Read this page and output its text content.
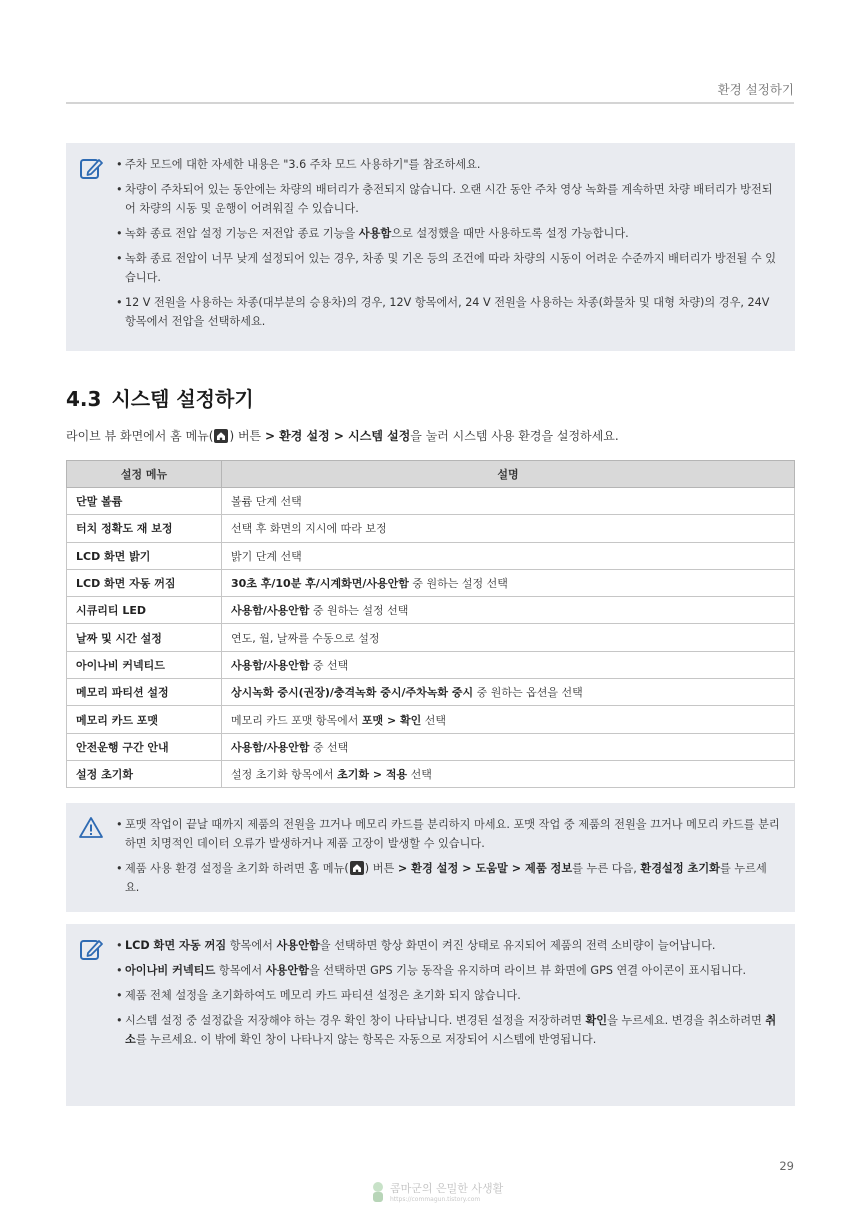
환경 설정하기
• 주차 모드에 대한 자세한 내용은 "3.6 주차 모드 사용하기"를 참조하세요.
• 차량이 주차되어 있는 동안에는 차량의 배터리가 충전되지 않습니다. 오랜 시간 동안 주차 영상 녹화를 계속하면 차량 배터리가 방전되어 차량의 시동 및 운행이 어려워질 수 있습니다.
• 녹화 종료 전압 설정 기능은 저전압 종료 기능을 사용함으로 설정했을 때만 사용하도록 설정 가능합니다.
• 녹화 종료 전압이 너무 낮게 설정되어 있는 경우, 차종 및 기온 등의 조건에 따라 차량의 시동이 어려운 수준까지 배터리가 방전될 수 있습니다.
• 12 V 전원을 사용하는 차종(대부분의 승용차)의 경우, 12V 항목에서, 24 V 전원을 사용하는 차종(화물차 및 대형 차량)의 경우, 24V 항목에서 전압을 선택하세요.
4.3 시스템 설정하기

라이브 뷰 화면에서 홈 메뉴( ) 버튼 > 환경 설정 > 시스템 설정을 눌러 시스템 사용 환경을 설정하세요.

설정 메뉴	설명
단말 볼륨	볼륨 단계 선택
터치 정확도 재 보정	선택 후 화면의 지시에 따라 보정
LCD 화면 밝기	밝기 단계 선택
LCD 화면 자동 꺼짐	30초 후/10분 후/시계화면/사용안함 중 원하는 설정 선택
시큐리티 LED	사용함/사용안함 중 원하는 설정 선택
날짜 및 시간 설정	연도, 월, 날짜를 수동으로 설정
아이나비 커넥티드	사용함/사용안함 중 선택
메모리 파티션 설정	상시녹화 중시(권장)/충격녹화 중시/주차녹화 중시 중 원하는 옵션을 선택
메모리 카드 포맷	메모리 카드 포맷 항목에서 포맷 > 확인 선택
안전운행 구간 안내	사용함/사용안함 중 선택
설정 초기화	설정 초기화 항목에서 초기화 > 적용 선택
• 포맷 작업이 끝날 때까지 제품의 전원을 끄거나 메모리 카드를 분리하지 마세요. 포맷 작업 중 제품의 전원을 끄거나 메모리 카드를 분리하면 치명적인 데이터 오류가 발생하거나 제품 고장이 발생할 수 있습니다.
• 제품 사용 환경 설정을 초기화 하려면 홈 메뉴( ) 버튼 > 환경 설정 > 도움말 > 제품 정보를 누른 다음, 환경설정 초기화를 누르세요.
• LCD 화면 자동 꺼짐 항목에서 사용안함을 선택하면 항상 화면이 켜진 상태로 유지되어 제품의 전력 소비량이 늘어납니다.
• 아이나비 커넥티드 항목에서 사용안함을 선택하면 GPS 기능 동작을 유지하며 라이브 뷰 화면에 GPS 연결 아이콘이 표시됩니다.
• 제품 전체 설정을 초기화하여도 메모리 카드 파티션 설정은 초기화 되지 않습니다.
• 시스템 설정 중 설정값을 저장해야 하는 경우 확인 창이 나타납니다. 변경된 설정을 저장하려면 확인을 누르세요. 변경을 취소하려면 취소를 누르세요. 이 밖에 확인 창이 나타나지 않는 항목은 자동으로 저장되어 시스템에 반영됩니다.
29
콤마군의 은밀한 사생활
https://commagun.tistory.com
